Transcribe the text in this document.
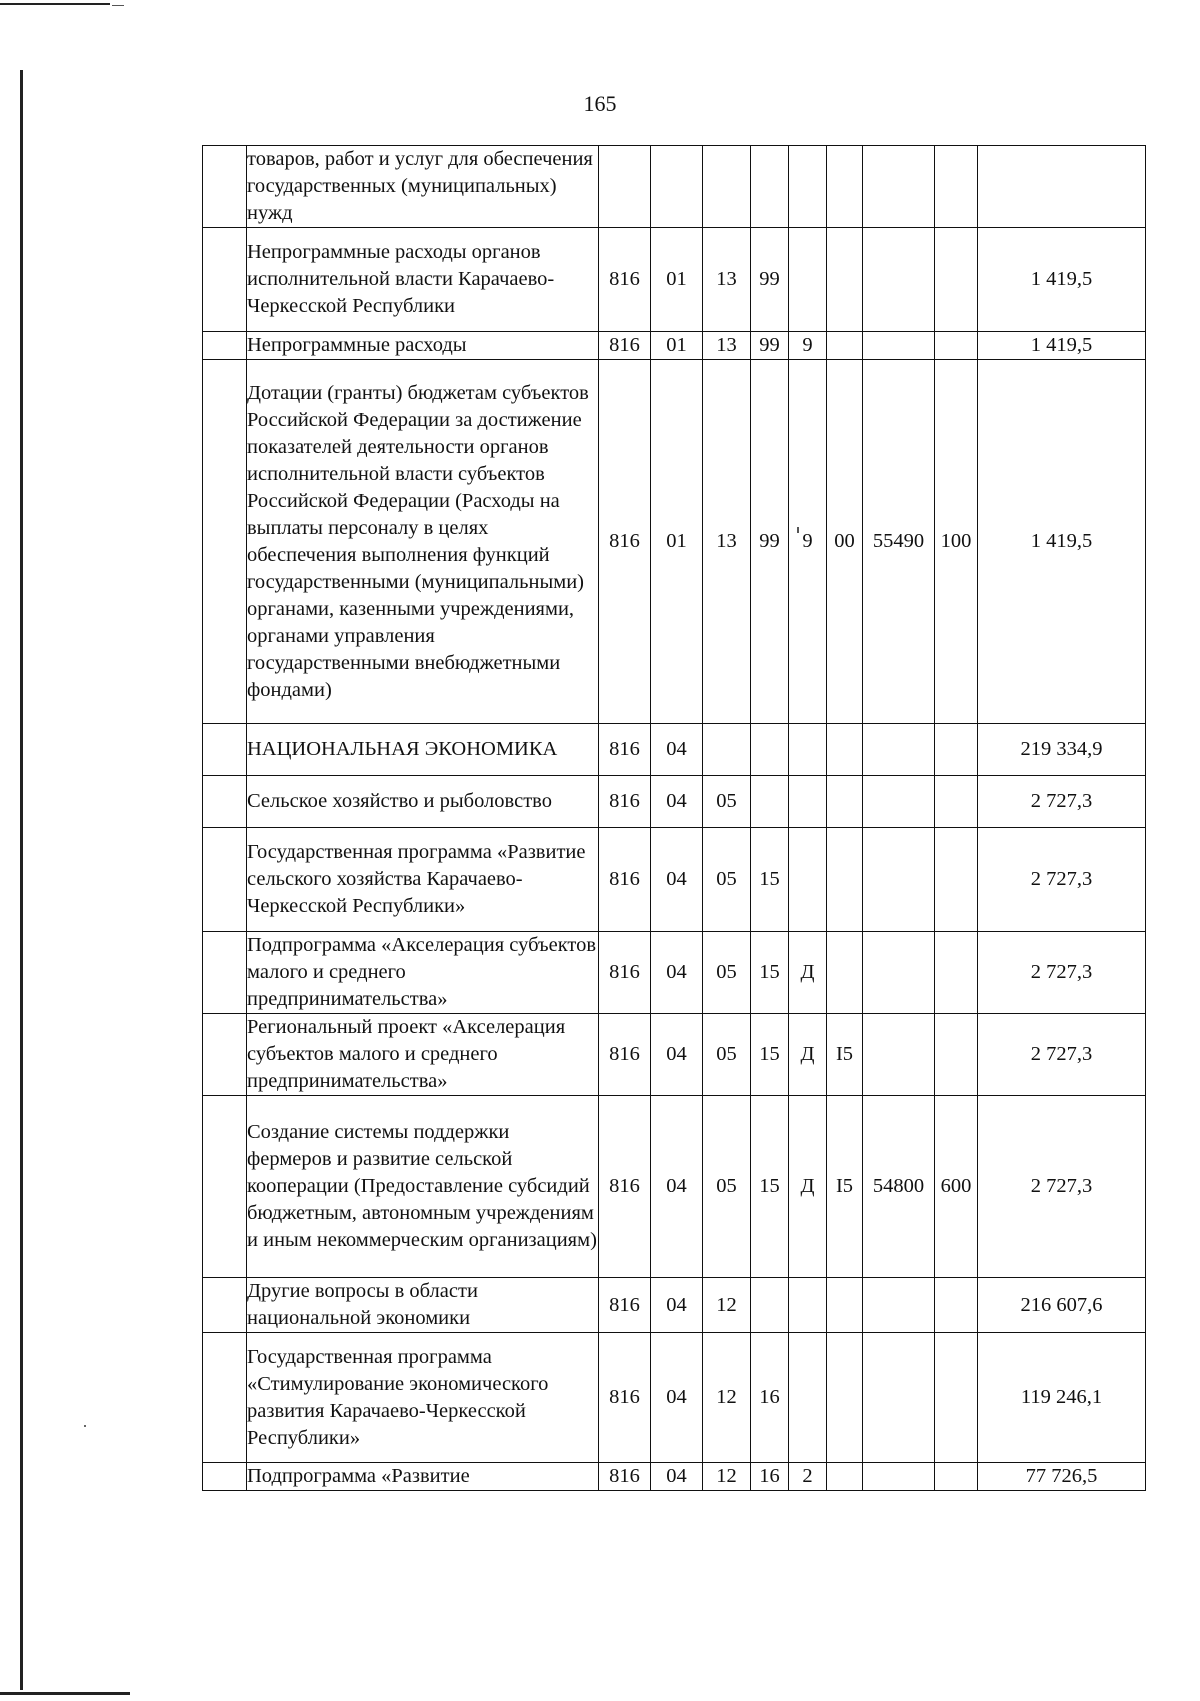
165
	товаров, работ и услуг для обеспечения государственных (муниципальных) нужд									
	Непрограммные расходы органов исполнительной власти Карачаево-Черкесской Республики	816	01	13	99					1 419,5
	Непрограммные расходы	816	01	13	99	9				1 419,5
	Дотации (гранты) бюджетам субъектов Российской Федерации за достижение показателей деятельности органов исполнительной власти субъектов Российской Федерации (Расходы на выплаты персоналу в целях обеспечения выполнения функций государственными (муниципальными) органами, казенными учреждениями, органами управления государственными внебюджетными фондами)	816	01	13	99	9	00	55490	100	1 419,5
	НАЦИОНАЛЬНАЯ ЭКОНОМИКА	816	04							219 334,9
	Сельское хозяйство и рыболовство	816	04	05						2 727,3
	Государственная программа «Развитие сельского хозяйства Карачаево-Черкесской Республики»	816	04	05	15					2 727,3
	Подпрограмма «Акселерация субъектов малого и среднего предпринимательства»	816	04	05	15	Д				2 727,3
	Региональный проект «Акселерация субъектов малого и среднего предпринимательства»	816	04	05	15	Д	I5			2 727,3
	Создание системы поддержки фермеров и развитие сельской кооперации (Предоставление субсидий бюджетным, автономным учреждениям и иным некоммерческим организациям)	816	04	05	15	Д	I5	54800	600	2 727,3
	Другие вопросы в области национальной экономики	816	04	12						216 607,6
	Государственная программа «Стимулирование экономического развития Карачаево-Черкесской Республики»	816	04	12	16					119 246,1
	Подпрограмма «Развитие	816	04	12	16	2				77 726,5
